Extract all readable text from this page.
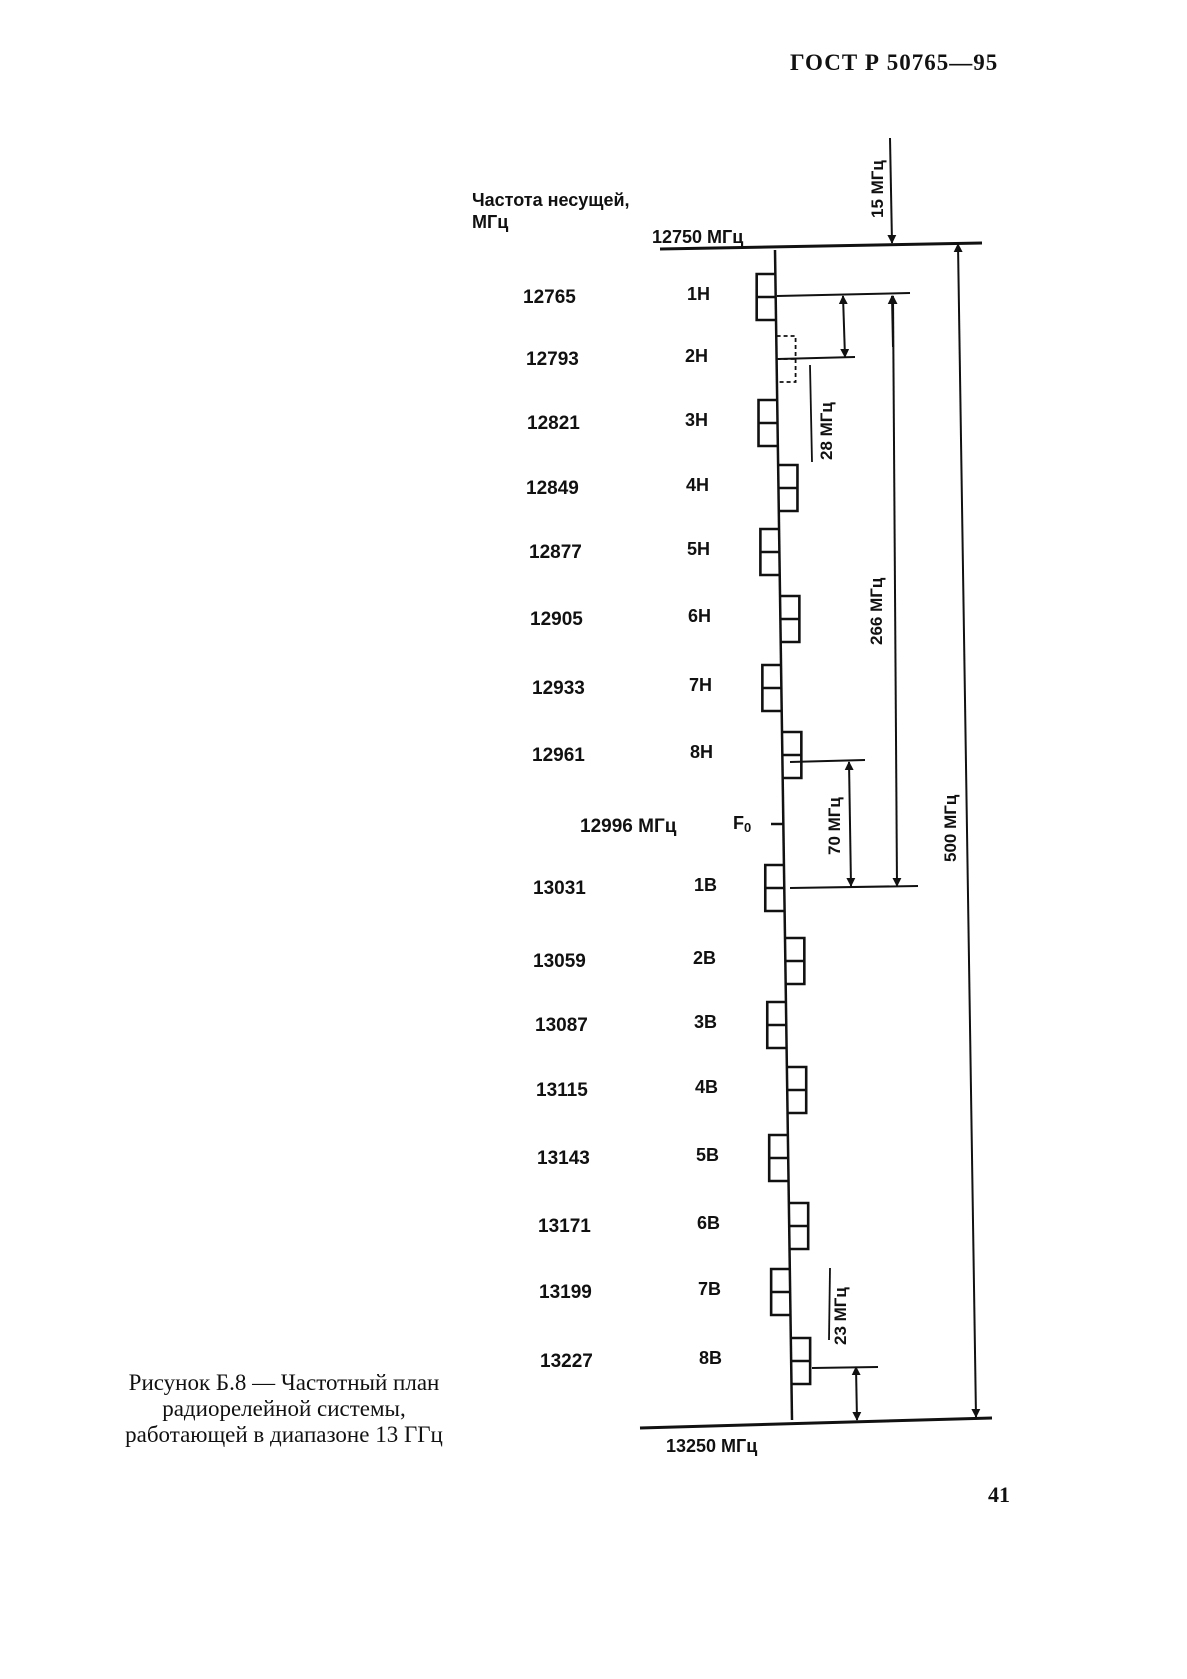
ГОСТ Р 50765—95
Частота несущей,
МГц
12750 МГц
13250 МГц
12996 МГц	F0
12765	1Н
12793	2Н
12821	3Н
12849	4Н
12877	5Н
12905	6Н
12933	7Н
12961	8Н
13031	1В
13059	2В
13087	3В
13115	4В
13143	5В
13171	6В
13199	7В
13227	8В
15 МГц
28 МГц
266 МГц
70 МГц	500 МГц
23 МГц
Рисунок Б.8 — Частотный план
радиорелейной системы,
работающей в диапазоне 13 ГГц
41
